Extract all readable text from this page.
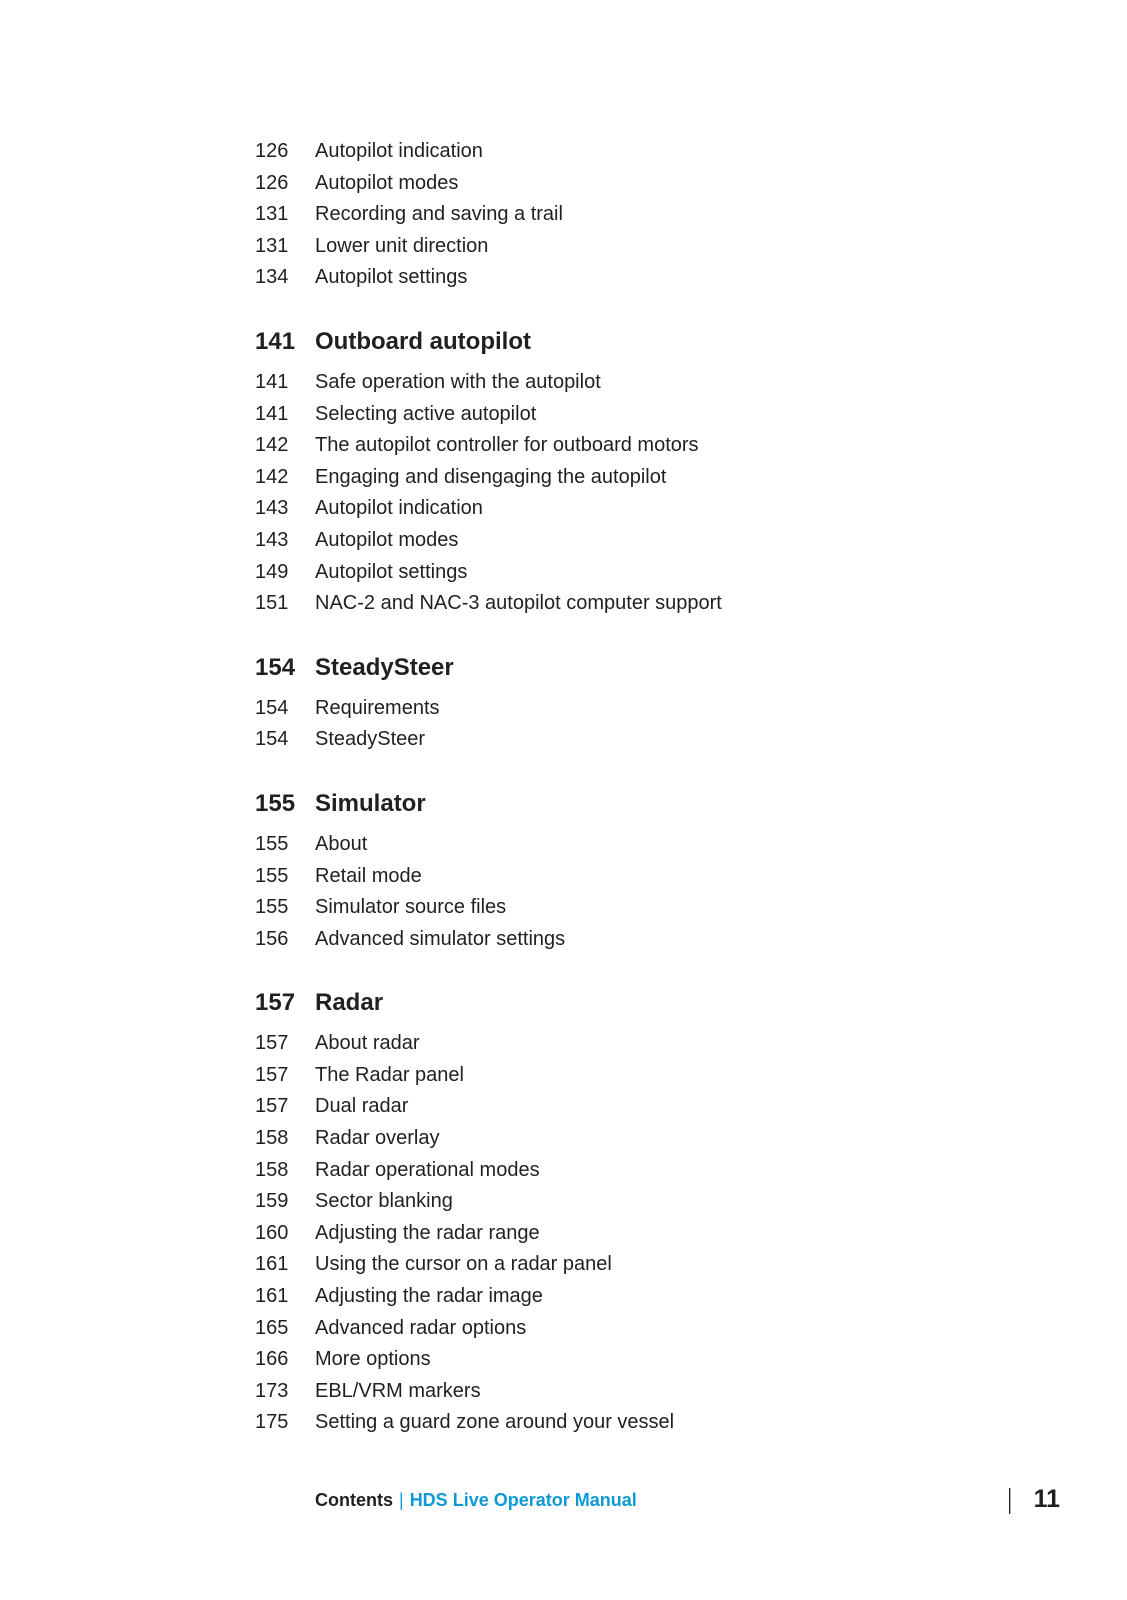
126	Autopilot indication
126	Autopilot modes
131	Recording and saving a trail
131	Lower unit direction
134	Autopilot settings
141 Outboard autopilot
141	Safe operation with the autopilot
141	Selecting active autopilot
142	The autopilot controller for outboard motors
142	Engaging and disengaging the autopilot
143	Autopilot indication
143	Autopilot modes
149	Autopilot settings
151	NAC-2 and NAC-3 autopilot computer support
154 SteadySteer
154	Requirements
154	SteadySteer
155 Simulator
155	About
155	Retail mode
155	Simulator source files
156	Advanced simulator settings
157 Radar
157	About radar
157	The Radar panel
157	Dual radar
158	Radar overlay
158	Radar operational modes
159	Sector blanking
160	Adjusting the radar range
161	Using the cursor on a radar panel
161	Adjusting the radar image
165	Advanced radar options
166	More options
173	EBL/VRM markers
175	Setting a guard zone around your vessel
Contents | HDS Live Operator Manual	| 11
